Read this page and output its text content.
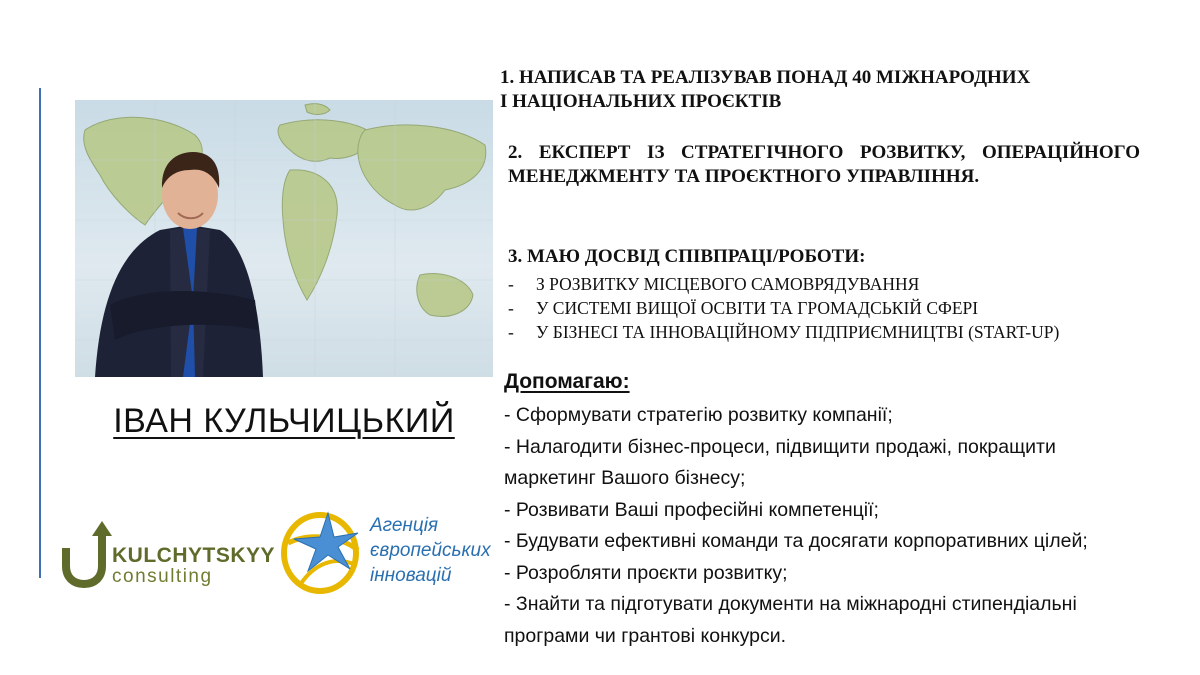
ІВАН КУЛЬЧИЦЬКИЙ
KULCHYTSKYY
consulting
Агенція
європейських
інновацій
1. НАПИСАВ ТА РЕАЛІЗУВАВ ПОНАД 40 МІЖНАРОДНИХ
І НАЦІОНАЛЬНИХ ПРОЄКТІВ
2. ЕКСПЕРТ ІЗ СТРАТЕГІЧНОГО РОЗВИТКУ, ОПЕРАЦІЙНОГО МЕНЕДЖМЕНТУ ТА ПРОЄКТНОГО УПРАВЛІННЯ.
3. МАЮ ДОСВІД СПІВПРАЦІ/РОБОТИ:
- З РОЗВИТКУ МІСЦЕВОГО САМОВРЯДУВАННЯ
- У СИСТЕМІ ВИЩОЇ ОСВІТИ ТА ГРОМАДСЬКІЙ СФЕРІ
- У БІЗНЕСІ ТА ІННОВАЦІЙНОМУ ПІДПРИЄМНИЦТВІ (START-UP)
Допомагаю:
- Сформувати стратегію розвитку компанії;
- Налагодити бізнес-процеси, підвищити продажі, покращити
маркетинг Вашого бізнесу;
- Розвивати Ваші професійні компетенції;
- Будувати ефективні команди та досягати корпоративних цілей;
- Розробляти проєкти розвитку;
- Знайти та підготувати документи на міжнародні стипендіальні
програми чи грантові конкурси.
